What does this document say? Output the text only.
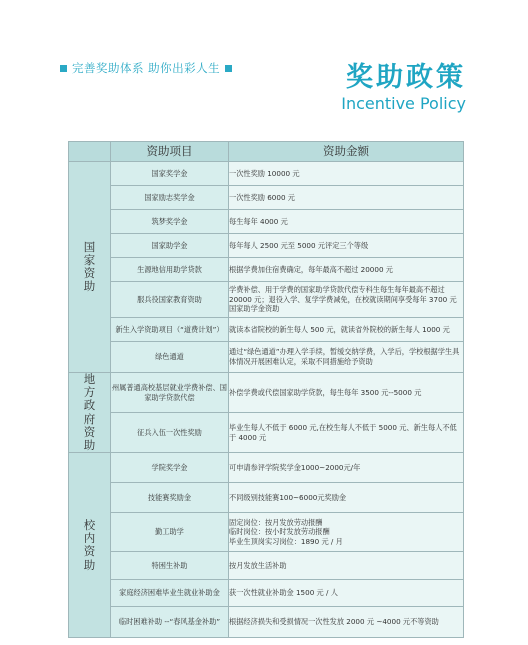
完善奖助体系 助你出彩人生	奖助政策
Incentive Policy
	资助项目	资助金额

国家资助	国家奖学金	一次性奖励 10000 元
	国家励志奖学金	一次性奖励 6000 元
	筑梦奖学金	每生每年 4000 元
	国家助学金	每年每人 2500 元至 5000 元评定三个等级
	生源地信用助学贷款	根据学费加住宿费确定，每年最高不超过 20000 元
	服兵役国家教育资助	学费补偿、用于学费的国家助学贷款代偿专科生每生每年最高不超过 20000 元；退役入学、复学学费减免，在校就读期间享受每年 3700 元国家助学金资助
	新生入学资助项目（“道费计划”）	就读本省院校的新生每人 500 元，就读省外院校的新生每人 1000 元
	绿色通道	通过“绿色通道”办理入学手续，暂缓交纳学费，入学后，学校根据学生具体情况开展困难认定，采取不同措施给予资助

地方政府资助	州属普通高校基层就业学费补偿、国家助学贷款代偿	补偿学费或代偿国家助学贷款，每生每年 3500 元--5000 元
	征兵入伍一次性奖励	毕业生每人不低于 6000 元,在校生每人不低于 5000 元、新生每人不低于 4000 元

校内资助	学院奖学金	可申请参评学院奖学金1000~2000元/年
	技能赛奖励金	不同级别技能赛100~6000元奖励金
	勤工助学	固定岗位：按月发放劳动报酬
临时岗位：按小时发放劳动报酬
毕业生顶岗实习岗位：1890 元 / 月
	特困生补助	按月发放生活补助
	家庭经济困难毕业生就业补助金	获一次性就业补助金 1500 元 / 人
	临时困难补助 --“春风基金补助”	根据经济损失和受损情况一次性发放 2000 元 ~4000 元不等资助
